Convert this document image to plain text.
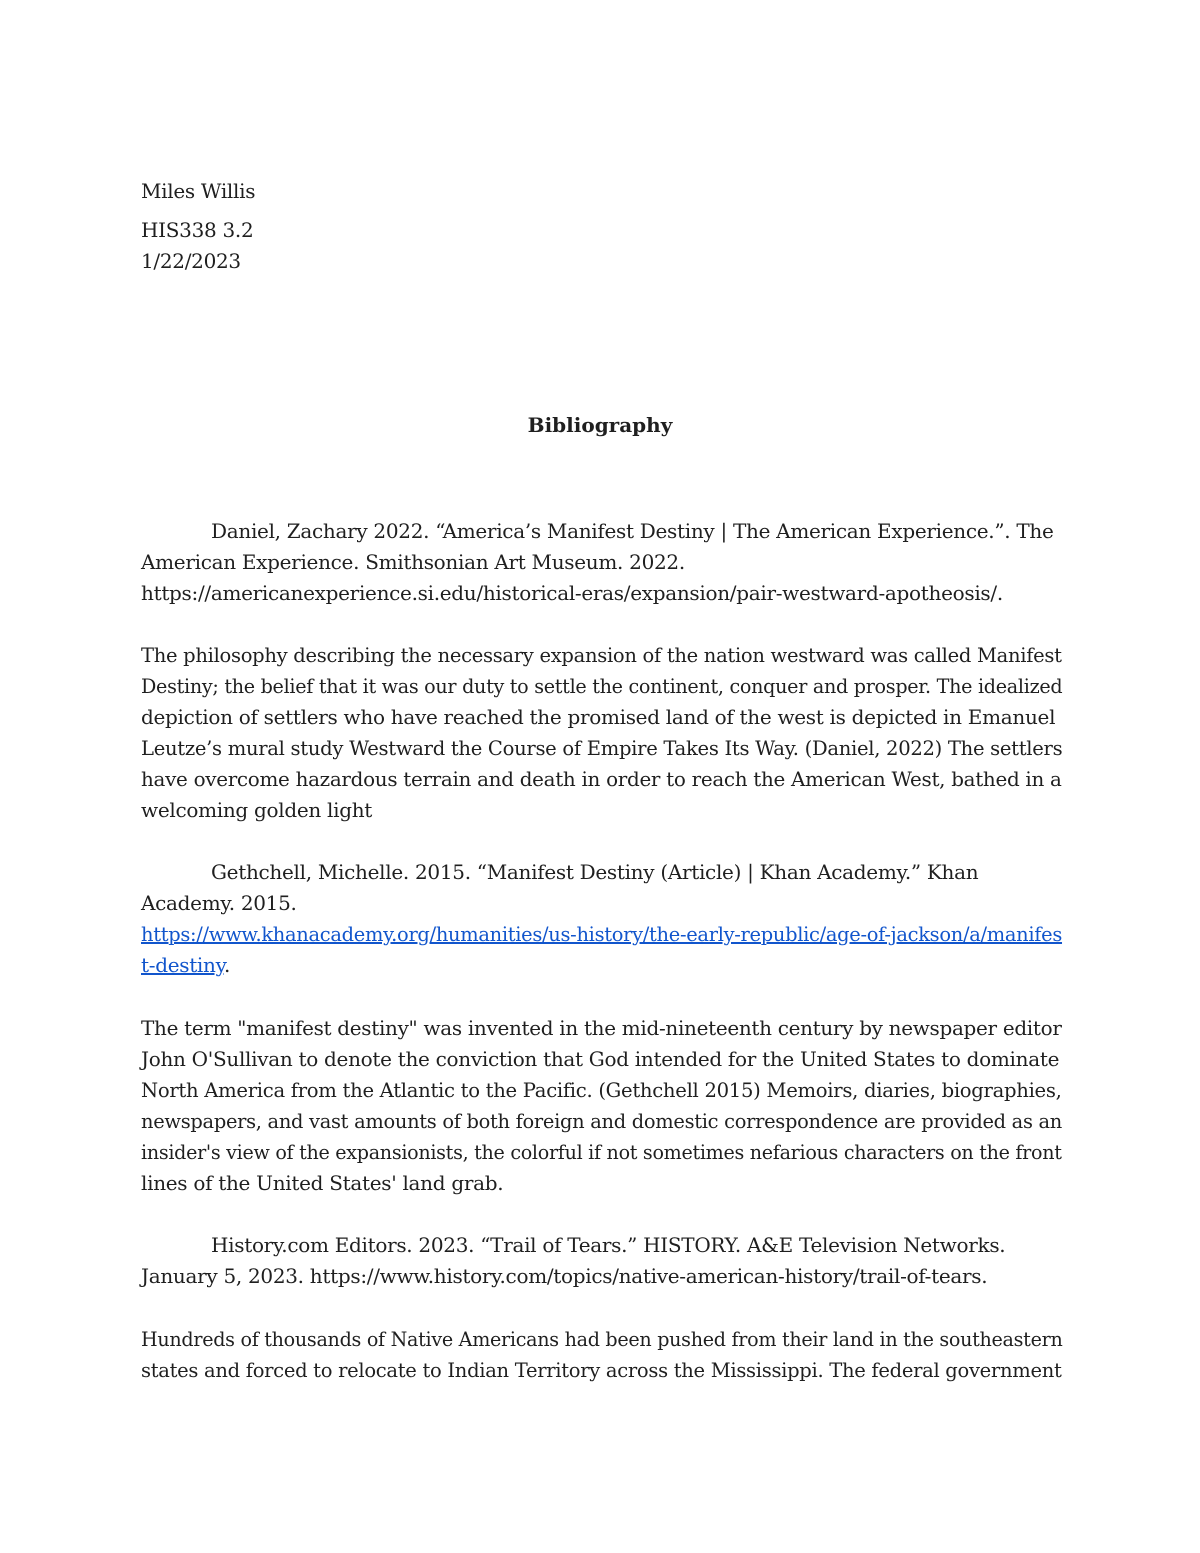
Miles Willis
HIS338 3.2
1/22/2023
Bibliography
Daniel, Zachary 2022. “America’s Manifest Destiny | The American Experience.”. The
American Experience. Smithsonian Art Museum. 2022.
https://americanexperience.si.edu/historical-eras/expansion/pair-westward-apotheosis/.
The philosophy describing the necessary expansion of the nation westward was called Manifest
Destiny; the belief that it was our duty to settle the continent, conquer and prosper. The idealized
depiction of settlers who have reached the promised land of the west is depicted in Emanuel
Leutze’s mural study Westward the Course of Empire Takes Its Way. (Daniel, 2022) The settlers
have overcome hazardous terrain and death in order to reach the American West, bathed in a
welcoming golden light
Gethchell, Michelle. 2015. “Manifest Destiny (Article) | Khan Academy.” Khan
Academy. 2015.
https://www.khanacademy.org/humanities/us-history/the-early-republic/age-of-jackson/a/manifes
t-destiny.
The term "manifest destiny" was invented in the mid-nineteenth century by newspaper editor
John O'Sullivan to denote the conviction that God intended for the United States to dominate
North America from the Atlantic to the Pacific. (Gethchell 2015) Memoirs, diaries, biographies,
newspapers, and vast amounts of both foreign and domestic correspondence are provided as an
insider's view of the expansionists, the colorful if not sometimes nefarious characters on the front
lines of the United States' land grab.
History.com Editors. 2023. “Trail of Tears.” HISTORY. A&E Television Networks.
January 5, 2023. https://www.history.com/topics/native-american-history/trail-of-tears.
Hundreds of thousands of Native Americans had been pushed from their land in the southeastern
states and forced to relocate to Indian Territory across the Mississippi. The federal government
